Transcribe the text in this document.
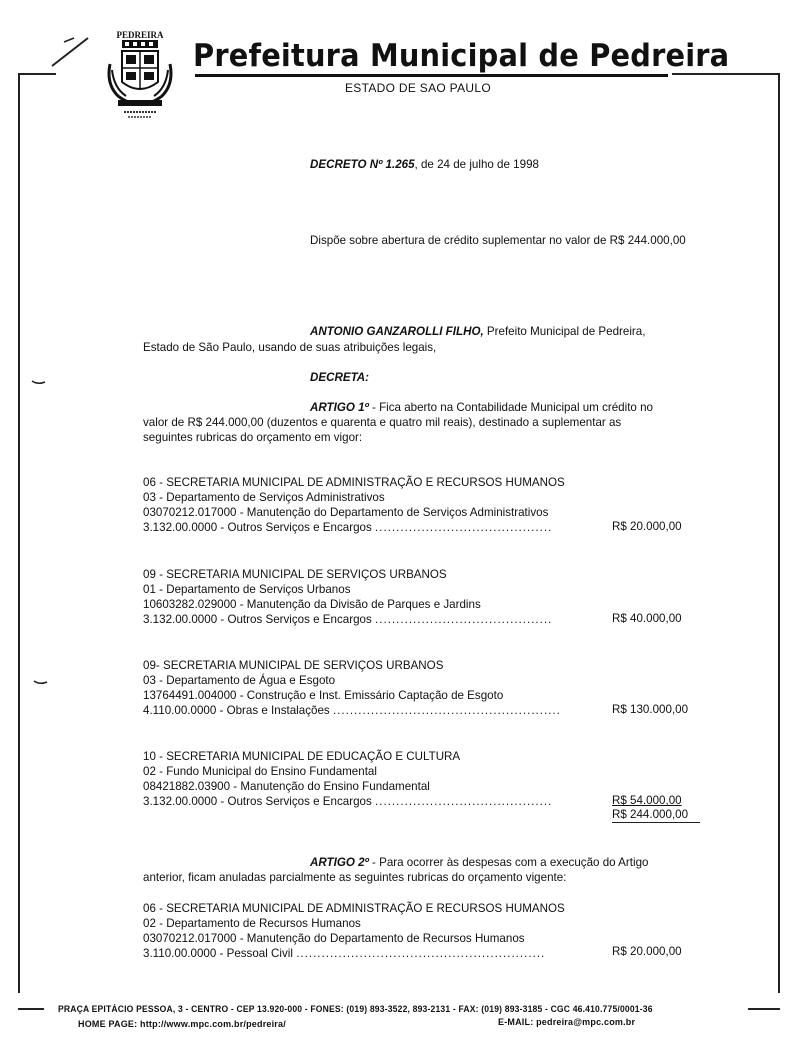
PEDREIRA
Prefeitura Municipal de Pedreira
ESTADO DE SAO PAULO
DECRETO Nº 1.265, de 24 de julho de 1998
Dispõe sobre abertura de crédito suplementar no valor de R$ 244.000,00
ANTONIO GANZAROLLI FILHO, Prefeito Municipal de Pedreira,
Estado de São Paulo, usando de suas atribuições legais,
DECRETA:
ARTIGO 1º - Fica aberto na Contabilidade Municipal um crédito no
valor de R$ 244.000,00 (duzentos e quarenta e quatro mil reais), destinado a suplementar as
seguintes rubricas do orçamento em vigor:
06 - SECRETARIA MUNICIPAL DE ADMINISTRAÇÃO E RECURSOS HUMANOS
03 - Departamento de Serviços Administrativos
03070212.017000 - Manutenção do Departamento de Serviços Administrativos
3.132.00.0000 - Outros Serviços e Encargos ..........................................	R$ 20.000,00
09 - SECRETARIA MUNICIPAL DE SERVIÇOS URBANOS
01 - Departamento de Serviços Urbanos
10603282.029000 - Manutenção da Divisão de Parques e Jardins
3.132.00.0000 - Outros Serviços e Encargos ..........................................	R$ 40.000,00
09- SECRETARIA MUNICIPAL DE SERVIÇOS URBANOS
03 - Departamento de Água e Esgoto
13764491.004000 - Construção e Inst. Emissário Captação de Esgoto
4.110.00.0000 - Obras e Instalações ......................................................	R$ 130.000,00
10 - SECRETARIA MUNICIPAL DE EDUCAÇÃO E CULTURA
02 - Fundo Municipal do Ensino Fundamental
08421882.03900 - Manutenção do Ensino Fundamental
3.132.00.0000 - Outros Serviços e Encargos ..........................................	R$ 54.000,00
R$ 244.000,00
ARTIGO 2º - Para ocorrer às despesas com a execução do Artigo
anterior, ficam anuladas parcialmente as seguintes rubricas do orçamento vigente:
06 - SECRETARIA MUNICIPAL DE ADMINISTRAÇÃO E RECURSOS HUMANOS
02 - Departamento de Recursos Humanos
03070212.017000 - Manutenção do Departamento de Recursos Humanos
3.110.00.0000 - Pessoal Civil ...........................................................	R$ 20.000,00
PRAÇA EPITÁCIO PESSOA, 3 - CENTRO - CEP 13.920-000 - FONES: (019) 893-3522, 893-2131 - FAX: (019) 893-3185 - CGC 46.410.775/0001-36
HOME PAGE: http://www.mpc.com.br/pedreira/	E-MAIL: pedreira@mpc.com.br
